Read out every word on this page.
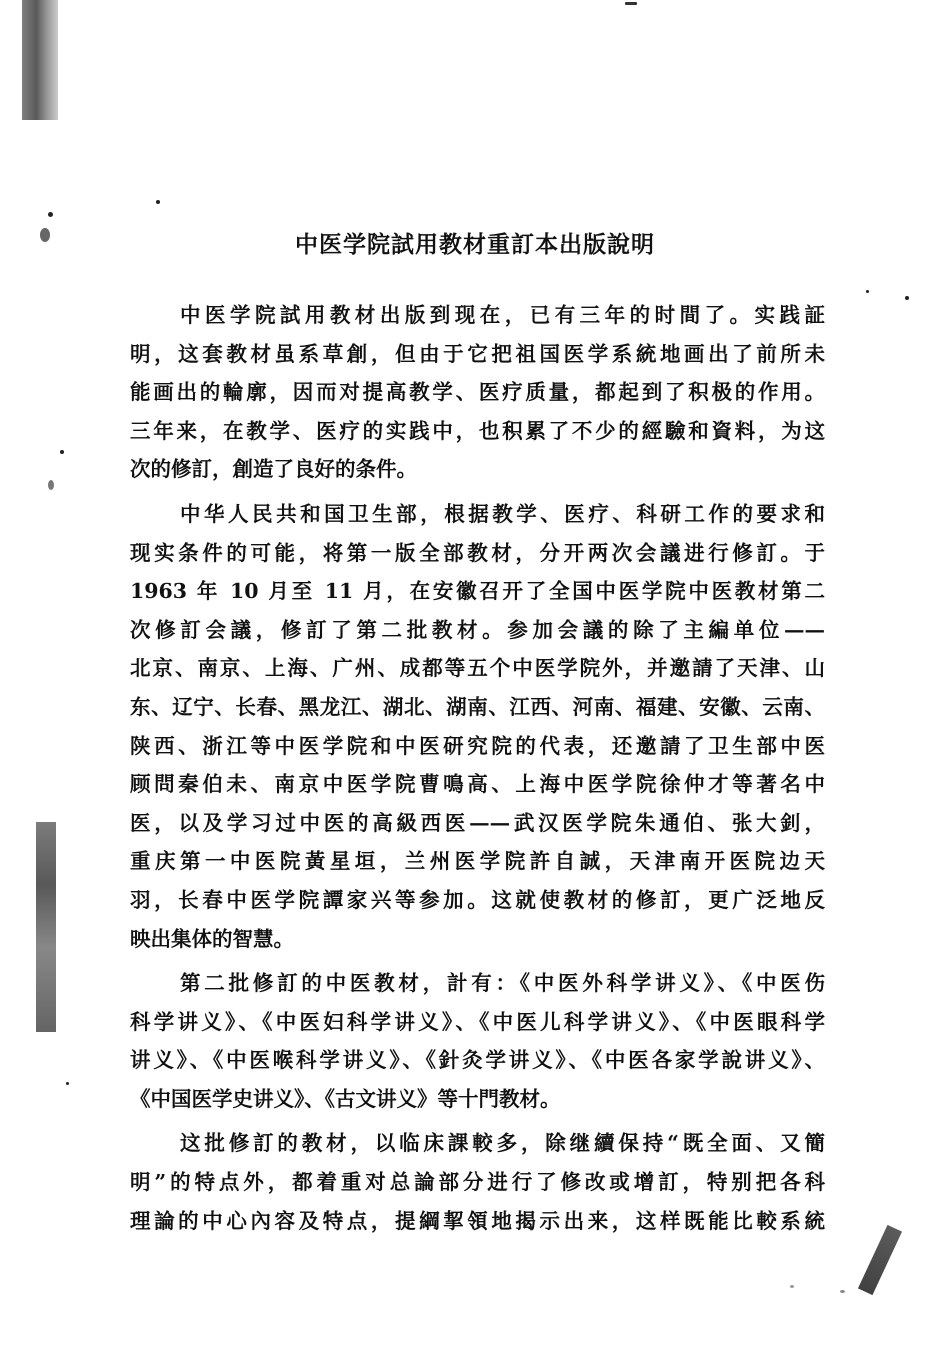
中医学院試用教材重訂本出版說明
中医学院試用教材出版到现在，已有三年的时間了。实践証
明，这套教材虽系草創，但由于它把祖国医学系統地画出了前所未
能画出的輪廓，因而对提高教学、医疗质量，都起到了积极的作用。
三年来，在教学、医疗的实践中，也积累了不少的經驗和資料，为这
次的修訂，創造了良好的条件。
中华人民共和国卫生部，根据教学、医疗、科研工作的要求和
现实条件的可能，将第一版全部教材，分开两次会議进行修訂。于
1963 年 10 月至 11 月，在安徽召开了全国中医学院中医教材第二
次修訂会議，修訂了第二批教材。参加会議的除了主編单位——
北京、南京、上海、广州、成都等五个中医学院外，并邀請了天津、山
东、辽宁、长春、黑龙江、湖北、湖南、江西、河南、福建、安徽、云南、
陕西、浙江等中医学院和中医研究院的代表，还邀請了卫生部中医
顾問秦伯未、南京中医学院曹鳴高、上海中医学院徐仲才等著名中
医，以及学习过中医的高級西医——武汉医学院朱通伯、张大釗，
重庆第一中医院黃星垣，兰州医学院許自誠，天津南开医院边天
羽，长春中医学院譚家兴等参加。这就使教材的修訂，更广泛地反
映出集体的智慧。
第二批修訂的中医教材，計有：《中医外科学讲义》、《中医伤
科学讲义》、《中医妇科学讲义》、《中医儿科学讲义》、《中医眼科学
讲义》、《中医喉科学讲义》、《針灸学讲义》、《中医各家学說讲义》、
《中国医学史讲义》、《古文讲义》等十門教材。
这批修訂的教材，以临床課較多，除继續保持“既全面、又簡
明”的特点外，都着重对总論部分进行了修改或增訂，特别把各科
理論的中心內容及特点，提綱挈領地揭示出来，这样既能比較系統
